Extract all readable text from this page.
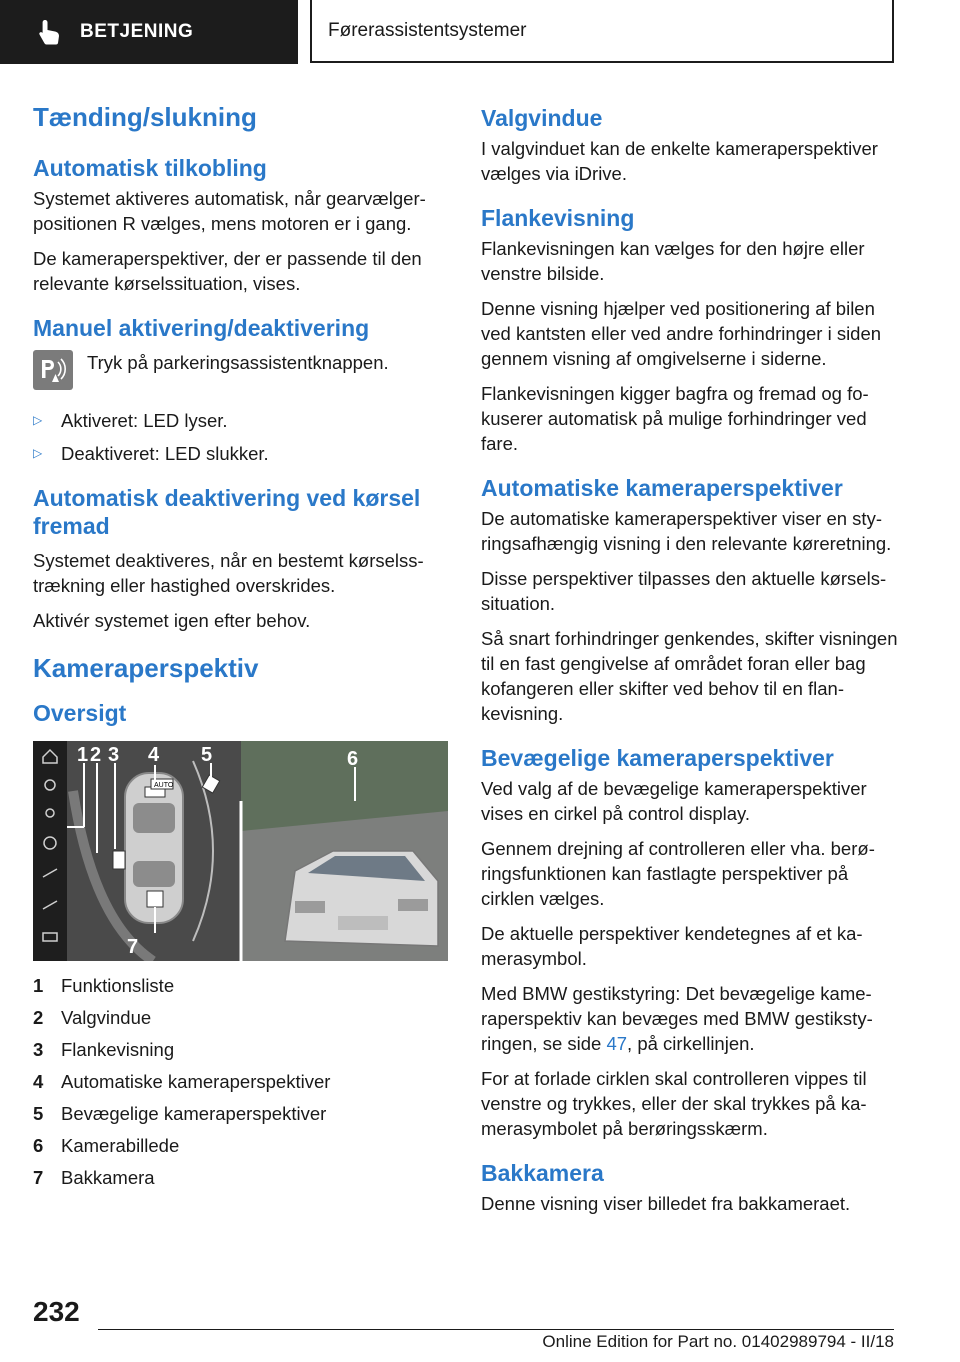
BETJENING	Førerassistentsystemer
Tænding/slukning
Automatisk tilkobling

Systemet aktiveres automatisk, når gearvælgerpositionen R vælges, mens motoren er i gang.

De kameraperspektiver, der er passende til den relevante kørselssituation, vises.

Manuel aktivering/deaktivering

Tryk på parkeringsassistentknappen.

▷	Aktiveret: LED lyser.
▷	Deaktiveret: LED slukker.
Automatisk deaktivering ved kørsel fremad

Systemet deaktiveres, når en bestemt kørselsstrækning eller hastighed overskrides.

Aktivér systemet igen efter behov.

Kameraperspektiv
Oversigt
AUTO
1 2 3 4 5	6
7
1 Funktionsliste
2 Valgvindue
3 Flankevisning
4 Automatiske kameraperspektiver
5 Bevægelige kameraperspektiver
6 Kamerabillede
7 Bakkamera
Valgvindue

I valgvinduet kan de enkelte kameraperspektiver vælges via iDrive.

Flankevisning

Flankevisningen kan vælges for den højre eller venstre bilside.

Denne visning hjælper ved positionering af bilen ved kantsten eller ved andre forhindringer i siden gennem visning af omgivelserne i siderne.

Flankevisningen kigger bagfra og fremad og fokuserer automatisk på mulige forhindringer ved fare.

Automatiske kameraperspektiver

De automatiske kameraperspektiver viser en styringsafhængig visning i den relevante køreretning.

Disse perspektiver tilpasses den aktuelle kørselssituation.

Så snart forhindringer genkendes, skifter visningen til en fast gengivelse af området foran eller bag kofangeren eller skifter ved behov til en flankevisning.

Bevægelige kameraperspektiver

Ved valg af de bevægelige kameraperspektiver vises en cirkel på control display.

Gennem drejning af controlleren eller vha. berøringsfunktionen kan fastlagte perspektiver på cirklen vælges.

De aktuelle perspektiver kendetegnes af et kamerasymbol.

Med BMW gestikstyring: Det bevægelige kameraperspektiv kan bevæges med BMW gestikstyringen, se side 47, på cirkellinjen.

For at forlade cirklen skal controlleren vippes til venstre og trykkes, eller der skal trykkes på kamerasymbolet på berøringsskærm.

Bakkamera

Denne visning viser billedet fra bakkameraet.

232
Online Edition for Part no. 01402989794 - II/18
